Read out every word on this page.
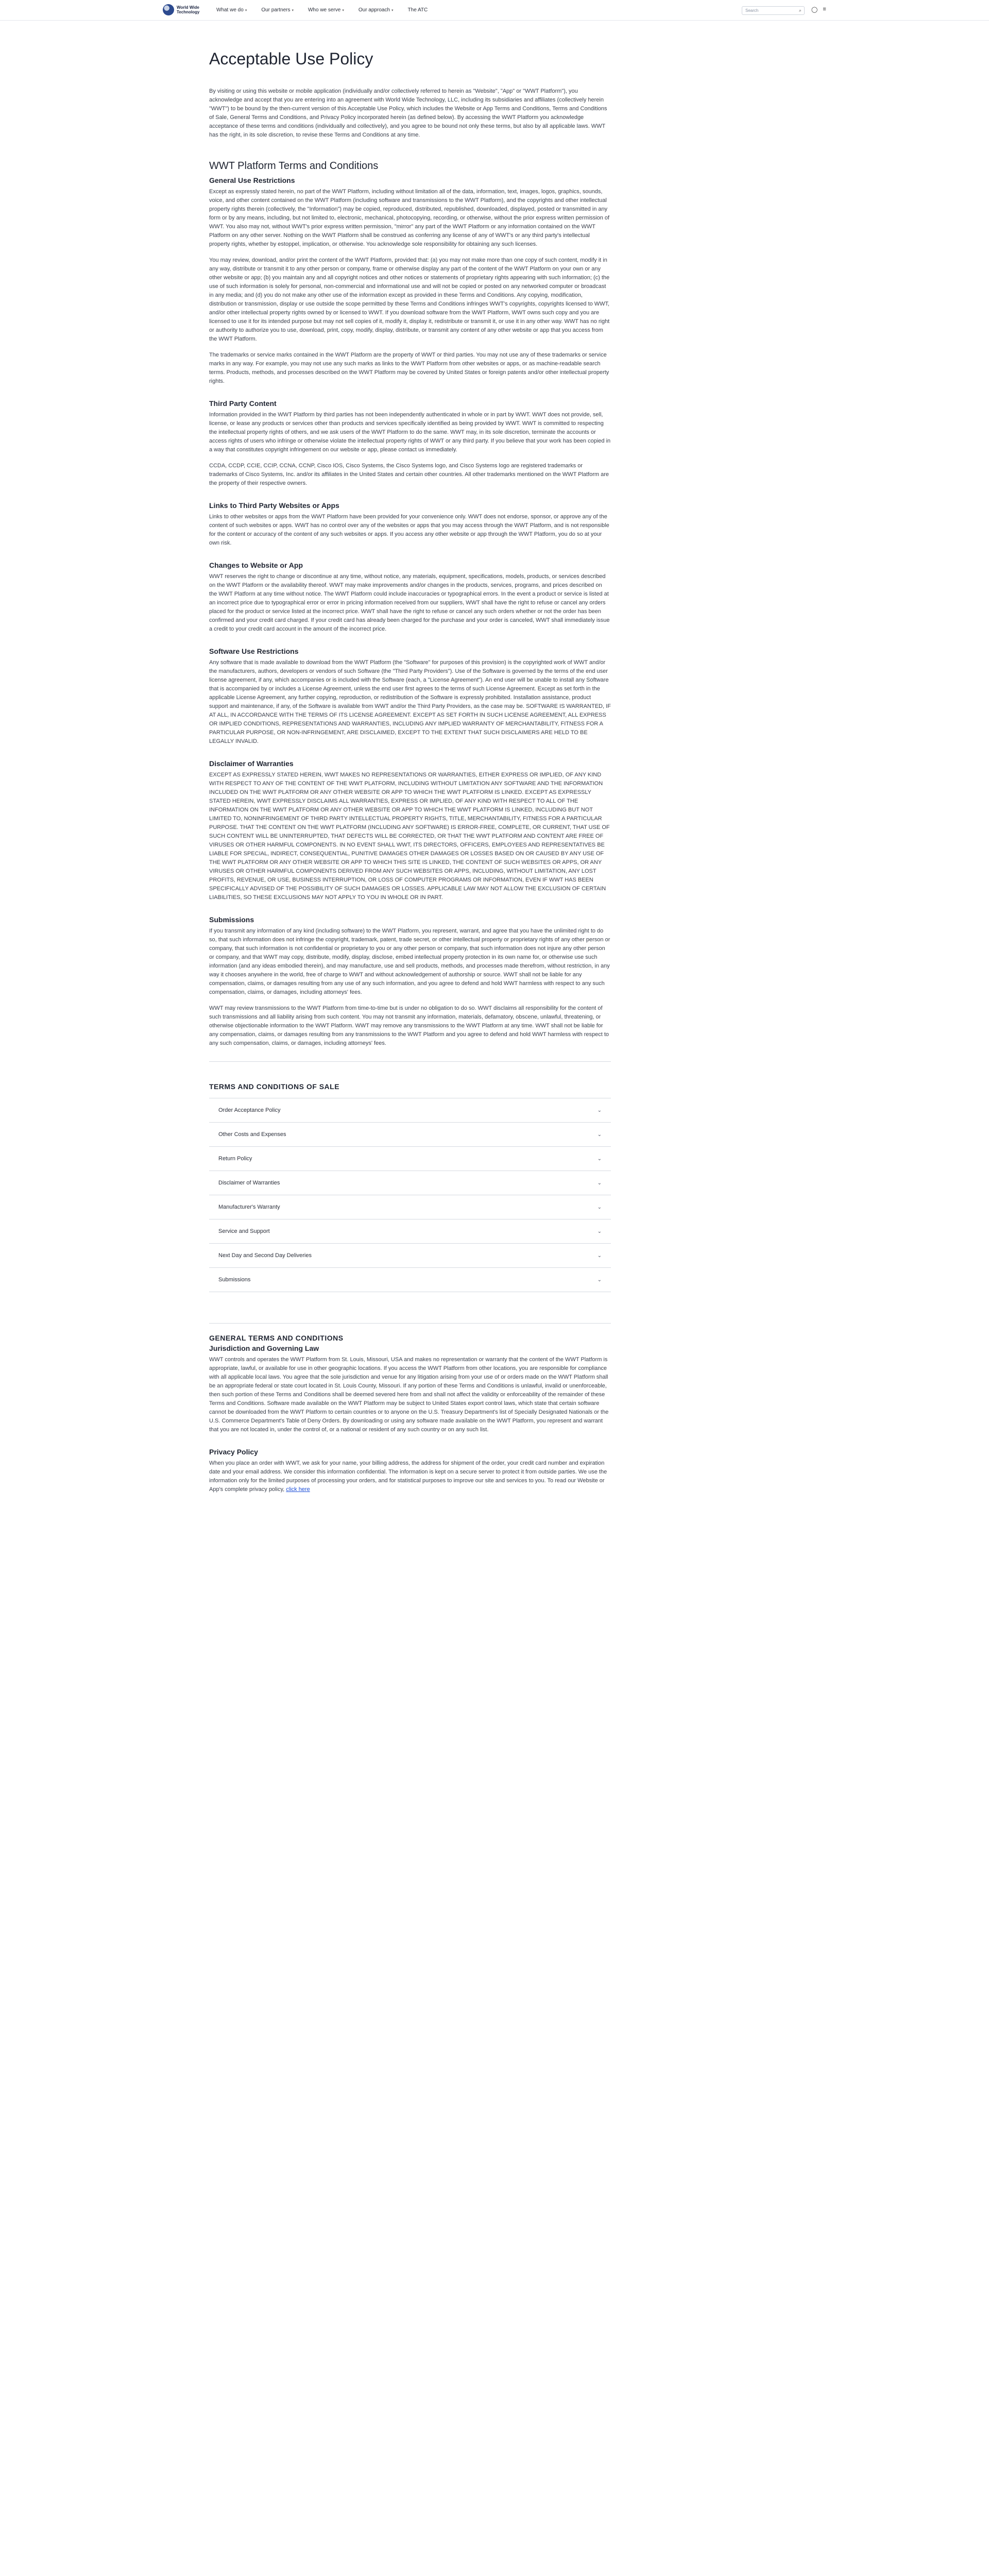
World Wide Technology	What we do ▾	Our partners ▾	Who we serve ▾	Our approach ▾	The ATC	Search	⌕ ◯ ≡
Acceptable Use Policy

By visiting or using this website or mobile application (individually and/or collectively referred to herein as "Website", "App" or "WWT Platform"), you acknowledge and accept that you are entering into an agreement with World Wide Technology, LLC, including its subsidiaries and affiliates (collectively herein "WWT") to be bound by the then-current version of this Acceptable Use Policy, which includes the Website or App Terms and Conditions, Terms and Conditions of Sale, General Terms and Conditions, and Privacy Policy incorporated herein (as defined below). By accessing the WWT Platform you acknowledge acceptance of these terms and conditions (individually and collectively), and you agree to be bound not only these terms, but also by all applicable laws. WWT has the right, in its sole discretion, to revise these Terms and Conditions at any time.

WWT Platform Terms and Conditions
General Use Restrictions

Except as expressly stated herein, no part of the WWT Platform, including without limitation all of the data, information, text, images, logos, graphics, sounds, voice, and other content contained on the WWT Platform (including software and transmissions to the WWT Platform), and the copyrights and other intellectual property rights therein (collectively, the "Information") may be copied, reproduced, distributed, republished, downloaded, displayed, posted or transmitted in any form or by any means, including, but not limited to, electronic, mechanical, photocopying, recording, or otherwise, without the prior express written permission of WWT. You also may not, without WWT's prior express written permission, "mirror" any part of the WWT Platform or any information contained on the WWT Platform on any other server. Nothing on the WWT Platform shall be construed as conferring any license of any of WWT's or any third party's intellectual property rights, whether by estoppel, implication, or otherwise. You acknowledge sole responsibility for obtaining any such licenses.

You may review, download, and/or print the content of the WWT Platform, provided that: (a) you may not make more than one copy of such content, modify it in any way, distribute or transmit it to any other person or company, frame or otherwise display any part of the content of the WWT Platform on your own or any other website or app; (b) you maintain any and all copyright notices and other notices or statements of proprietary rights appearing with such information; (c) the use of such information is solely for personal, non-commercial and informational use and will not be copied or posted on any networked computer or broadcast in any media; and (d) you do not make any other use of the information except as provided in these Terms and Conditions. Any copying, modification, distribution or transmission, display or use outside the scope permitted by these Terms and Conditions infringes WWT's copyrights, copyrights licensed to WWT, and/or other intellectual property rights owned by or licensed to WWT. If you download software from the WWT Platform, WWT owns such copy and you are licensed to use it for its intended purpose but may not sell copies of it, modify it, display it, redistribute or transmit it, or use it in any other way. WWT has no right or authority to authorize you to use, download, print, copy, modify, display, distribute, or transmit any content of any other website or app that you access from the WWT Platform.

The trademarks or service marks contained in the WWT Platform are the property of WWT or third parties. You may not use any of these trademarks or service marks in any way. For example, you may not use any such marks as links to the WWT Platform from other websites or apps, or as machine-readable search terms. Products, methods, and processes described on the WWT Platform may be covered by United States or foreign patents and/or other intellectual property rights.

Third Party Content

Information provided in the WWT Platform by third parties has not been independently authenticated in whole or in part by WWT. WWT does not provide, sell, license, or lease any products or services other than products and services specifically identified as being provided by WWT. WWT is committed to respecting the intellectual property rights of others, and we ask users of the WWT Platform to do the same. WWT may, in its sole discretion, terminate the accounts or access rights of users who infringe or otherwise violate the intellectual property rights of WWT or any third party. If you believe that your work has been copied in a way that constitutes copyright infringement on our website or app, please contact us immediately.

CCDA, CCDP, CCIE, CCIP, CCNA, CCNP, Cisco IOS, Cisco Systems, the Cisco Systems logo, and Cisco Systems logo are registered trademarks or trademarks of Cisco Systems, Inc. and/or its affiliates in the United States and certain other countries. All other trademarks mentioned on the WWT Platform are the property of their respective owners.

Links to Third Party Websites or Apps

Links to other websites or apps from the WWT Platform have been provided for your convenience only. WWT does not endorse, sponsor, or approve any of the content of such websites or apps. WWT has no control over any of the websites or apps that you may access through the WWT Platform, and is not responsible for the content or accuracy of the content of any such websites or apps. If you access any other website or app through the WWT Platform, you do so at your own risk.

Changes to Website or App

WWT reserves the right to change or discontinue at any time, without notice, any materials, equipment, specifications, models, products, or services described on the WWT Platform or the availability thereof. WWT may make improvements and/or changes in the products, services, programs, and prices described on the WWT Platform at any time without notice. The WWT Platform could include inaccuracies or typographical errors. In the event a product or service is listed at an incorrect price due to typographical error or error in pricing information received from our suppliers, WWT shall have the right to refuse or cancel any orders placed for the product or service listed at the incorrect price. WWT shall have the right to refuse or cancel any such orders whether or not the order has been confirmed and your credit card charged. If your credit card has already been charged for the purchase and your order is canceled, WWT shall immediately issue a credit to your credit card account in the amount of the incorrect price.

Software Use Restrictions

Any software that is made available to download from the WWT Platform (the "Software" for purposes of this provision) is the copyrighted work of WWT and/or the manufacturers, authors, developers or vendors of such Software (the "Third Party Providers"). Use of the Software is governed by the terms of the end user license agreement, if any, which accompanies or is included with the Software (each, a "License Agreement"). An end user will be unable to install any Software that is accompanied by or includes a License Agreement, unless the end user first agrees to the terms of such License Agreement. Except as set forth in the applicable License Agreement, any further copying, reproduction, or redistribution of the Software is expressly prohibited. Installation assistance, product support and maintenance, if any, of the Software is available from WWT and/or the Third Party Providers, as the case may be. SOFTWARE IS WARRANTED, IF AT ALL, IN ACCORDANCE WITH THE TERMS OF ITS LICENSE AGREEMENT. EXCEPT AS SET FORTH IN SUCH LICENSE AGREEMENT, ALL EXPRESS OR IMPLIED CONDITIONS, REPRESENTATIONS AND WARRANTIES, INCLUDING ANY IMPLIED WARRANTY OF MERCHANTABILITY, FITNESS FOR A PARTICULAR PURPOSE, OR NON-INFRINGEMENT, ARE DISCLAIMED, EXCEPT TO THE EXTENT THAT SUCH DISCLAIMERS ARE HELD TO BE LEGALLY INVALID.

Disclaimer of Warranties

EXCEPT AS EXPRESSLY STATED HEREIN, WWT MAKES NO REPRESENTATIONS OR WARRANTIES, EITHER EXPRESS OR IMPLIED, OF ANY KIND WITH RESPECT TO ANY OF THE CONTENT OF THE WWT PLATFORM, INCLUDING WITHOUT LIMITATION ANY SOFTWARE AND THE INFORMATION INCLUDED ON THE WWT PLATFORM OR ANY OTHER WEBSITE OR APP TO WHICH THE WWT PLATFORM IS LINKED. EXCEPT AS EXPRESSLY STATED HEREIN, WWT EXPRESSLY DISCLAIMS ALL WARRANTIES, EXPRESS OR IMPLIED, OF ANY KIND WITH RESPECT TO ALL OF THE INFORMATION ON THE WWT PLATFORM OR ANY OTHER WEBSITE OR APP TO WHICH THE WWT PLATFORM IS LINKED, INCLUDING BUT NOT LIMITED TO, NONINFRINGEMENT OF THIRD PARTY INTELLECTUAL PROPERTY RIGHTS, TITLE, MERCHANTABILITY, FITNESS FOR A PARTICULAR PURPOSE. THAT THE CONTENT ON THE WWT PLATFORM (INCLUDING ANY SOFTWARE) IS ERROR-FREE, COMPLETE, OR CURRENT, THAT USE OF SUCH CONTENT WILL BE UNINTERRUPTED, THAT DEFECTS WILL BE CORRECTED, OR THAT THE WWT PLATFORM AND CONTENT ARE FREE OF VIRUSES OR OTHER HARMFUL COMPONENTS. IN NO EVENT SHALL WWT, ITS DIRECTORS, OFFICERS, EMPLOYEES AND REPRESENTATIVES BE LIABLE FOR SPECIAL, INDIRECT, CONSEQUENTIAL, PUNITIVE DAMAGES OTHER DAMAGES OR LOSSES BASED ON OR CAUSED BY ANY USE OF THE WWT PLATFORM OR ANY OTHER WEBSITE OR APP TO WHICH THIS SITE IS LINKED, THE CONTENT OF SUCH WEBSITES OR APPS, OR ANY VIRUSES OR OTHER HARMFUL COMPONENTS DERIVED FROM ANY SUCH WEBSITES OR APPS, INCLUDING, WITHOUT LIMITATION, ANY LOST PROFITS, REVENUE, OR USE, BUSINESS INTERRUPTION, OR LOSS OF COMPUTER PROGRAMS OR INFORMATION, EVEN IF WWT HAS BEEN SPECIFICALLY ADVISED OF THE POSSIBILITY OF SUCH DAMAGES OR LOSSES. APPLICABLE LAW MAY NOT ALLOW THE EXCLUSION OF CERTAIN LIABILITIES, SO THESE EXCLUSIONS MAY NOT APPLY TO YOU IN WHOLE OR IN PART.

Submissions

If you transmit any information of any kind (including software) to the WWT Platform, you represent, warrant, and agree that you have the unlimited right to do so, that such information does not infringe the copyright, trademark, patent, trade secret, or other intellectual property or proprietary rights of any other person or company, that such information is not confidential or proprietary to you or any other person or company, that such information does not injure any other person or company, and that WWT may copy, distribute, modify, display, disclose, embed intellectual property protection in its own name for, or otherwise use such information (and any ideas embodied therein), and may manufacture, use and sell products, methods, and processes made therefrom, without restriction, in any way it chooses anywhere in the world, free of charge to WWT and without acknowledgement of authorship or source. WWT shall not be liable for any compensation, claims, or damages resulting from any use of any such information, and you agree to defend and hold WWT harmless with respect to any such compensation, claims, or damages, including attorneys' fees.

WWT may review transmissions to the WWT Platform from time-to-time but is under no obligation to do so. WWT disclaims all responsibility for the content of such transmissions and all liability arising from such content. You may not transmit any information, materials, defamatory, obscene, unlawful, threatening, or otherwise objectionable information to the WWT Platform. WWT may remove any transmissions to the WWT Platform at any time. WWT shall not be liable for any compensation, claims, or damages resulting from any transmissions to the WWT Platform and you agree to defend and hold WWT harmless with respect to any such compensation, claims, or damages, including attorneys' fees.

TERMS AND CONDITIONS OF SALE
Order Acceptance Policy	⌄
Other Costs and Expenses	⌄
Return Policy	⌄
Disclaimer of Warranties	⌄
Manufacturer's Warranty	⌄
Service and Support	⌄
Next Day and Second Day Deliveries	⌄
Submissions	⌄
GENERAL TERMS AND CONDITIONS
Jurisdiction and Governing Law

WWT controls and operates the WWT Platform from St. Louis, Missouri, USA and makes no representation or warranty that the content of the WWT Platform is appropriate, lawful, or available for use in other geographic locations. If you access the WWT Platform from other locations, you are responsible for compliance with all applicable local laws. You agree that the sole jurisdiction and venue for any litigation arising from your use of or orders made on the WWT Platform shall be an appropriate federal or state court located in St. Louis County, Missouri. If any portion of these Terms and Conditions is unlawful, invalid or unenforceable, then such portion of these Terms and Conditions shall be deemed severed here from and shall not affect the validity or enforceability of the remainder of these Terms and Conditions. Software made available on the WWT Platform may be subject to United States export control laws, which state that certain software cannot be downloaded from the WWT Platform to certain countries or to anyone on the U.S. Treasury Department's list of Specially Designated Nationals or the U.S. Commerce Department's Table of Deny Orders. By downloading or using any software made available on the WWT Platform, you represent and warrant that you are not located in, under the control of, or a national or resident of any such country or on any such list.

Privacy Policy

When you place an order with WWT, we ask for your name, your billing address, the address for shipment of the order, your credit card number and expiration date and your email address. We consider this information confidential. The information is kept on a secure server to protect it from outside parties. We use the information only for the limited purposes of processing your orders, and for statistical purposes to improve our site and services to you. To read our Website or App's complete privacy policy, click here
